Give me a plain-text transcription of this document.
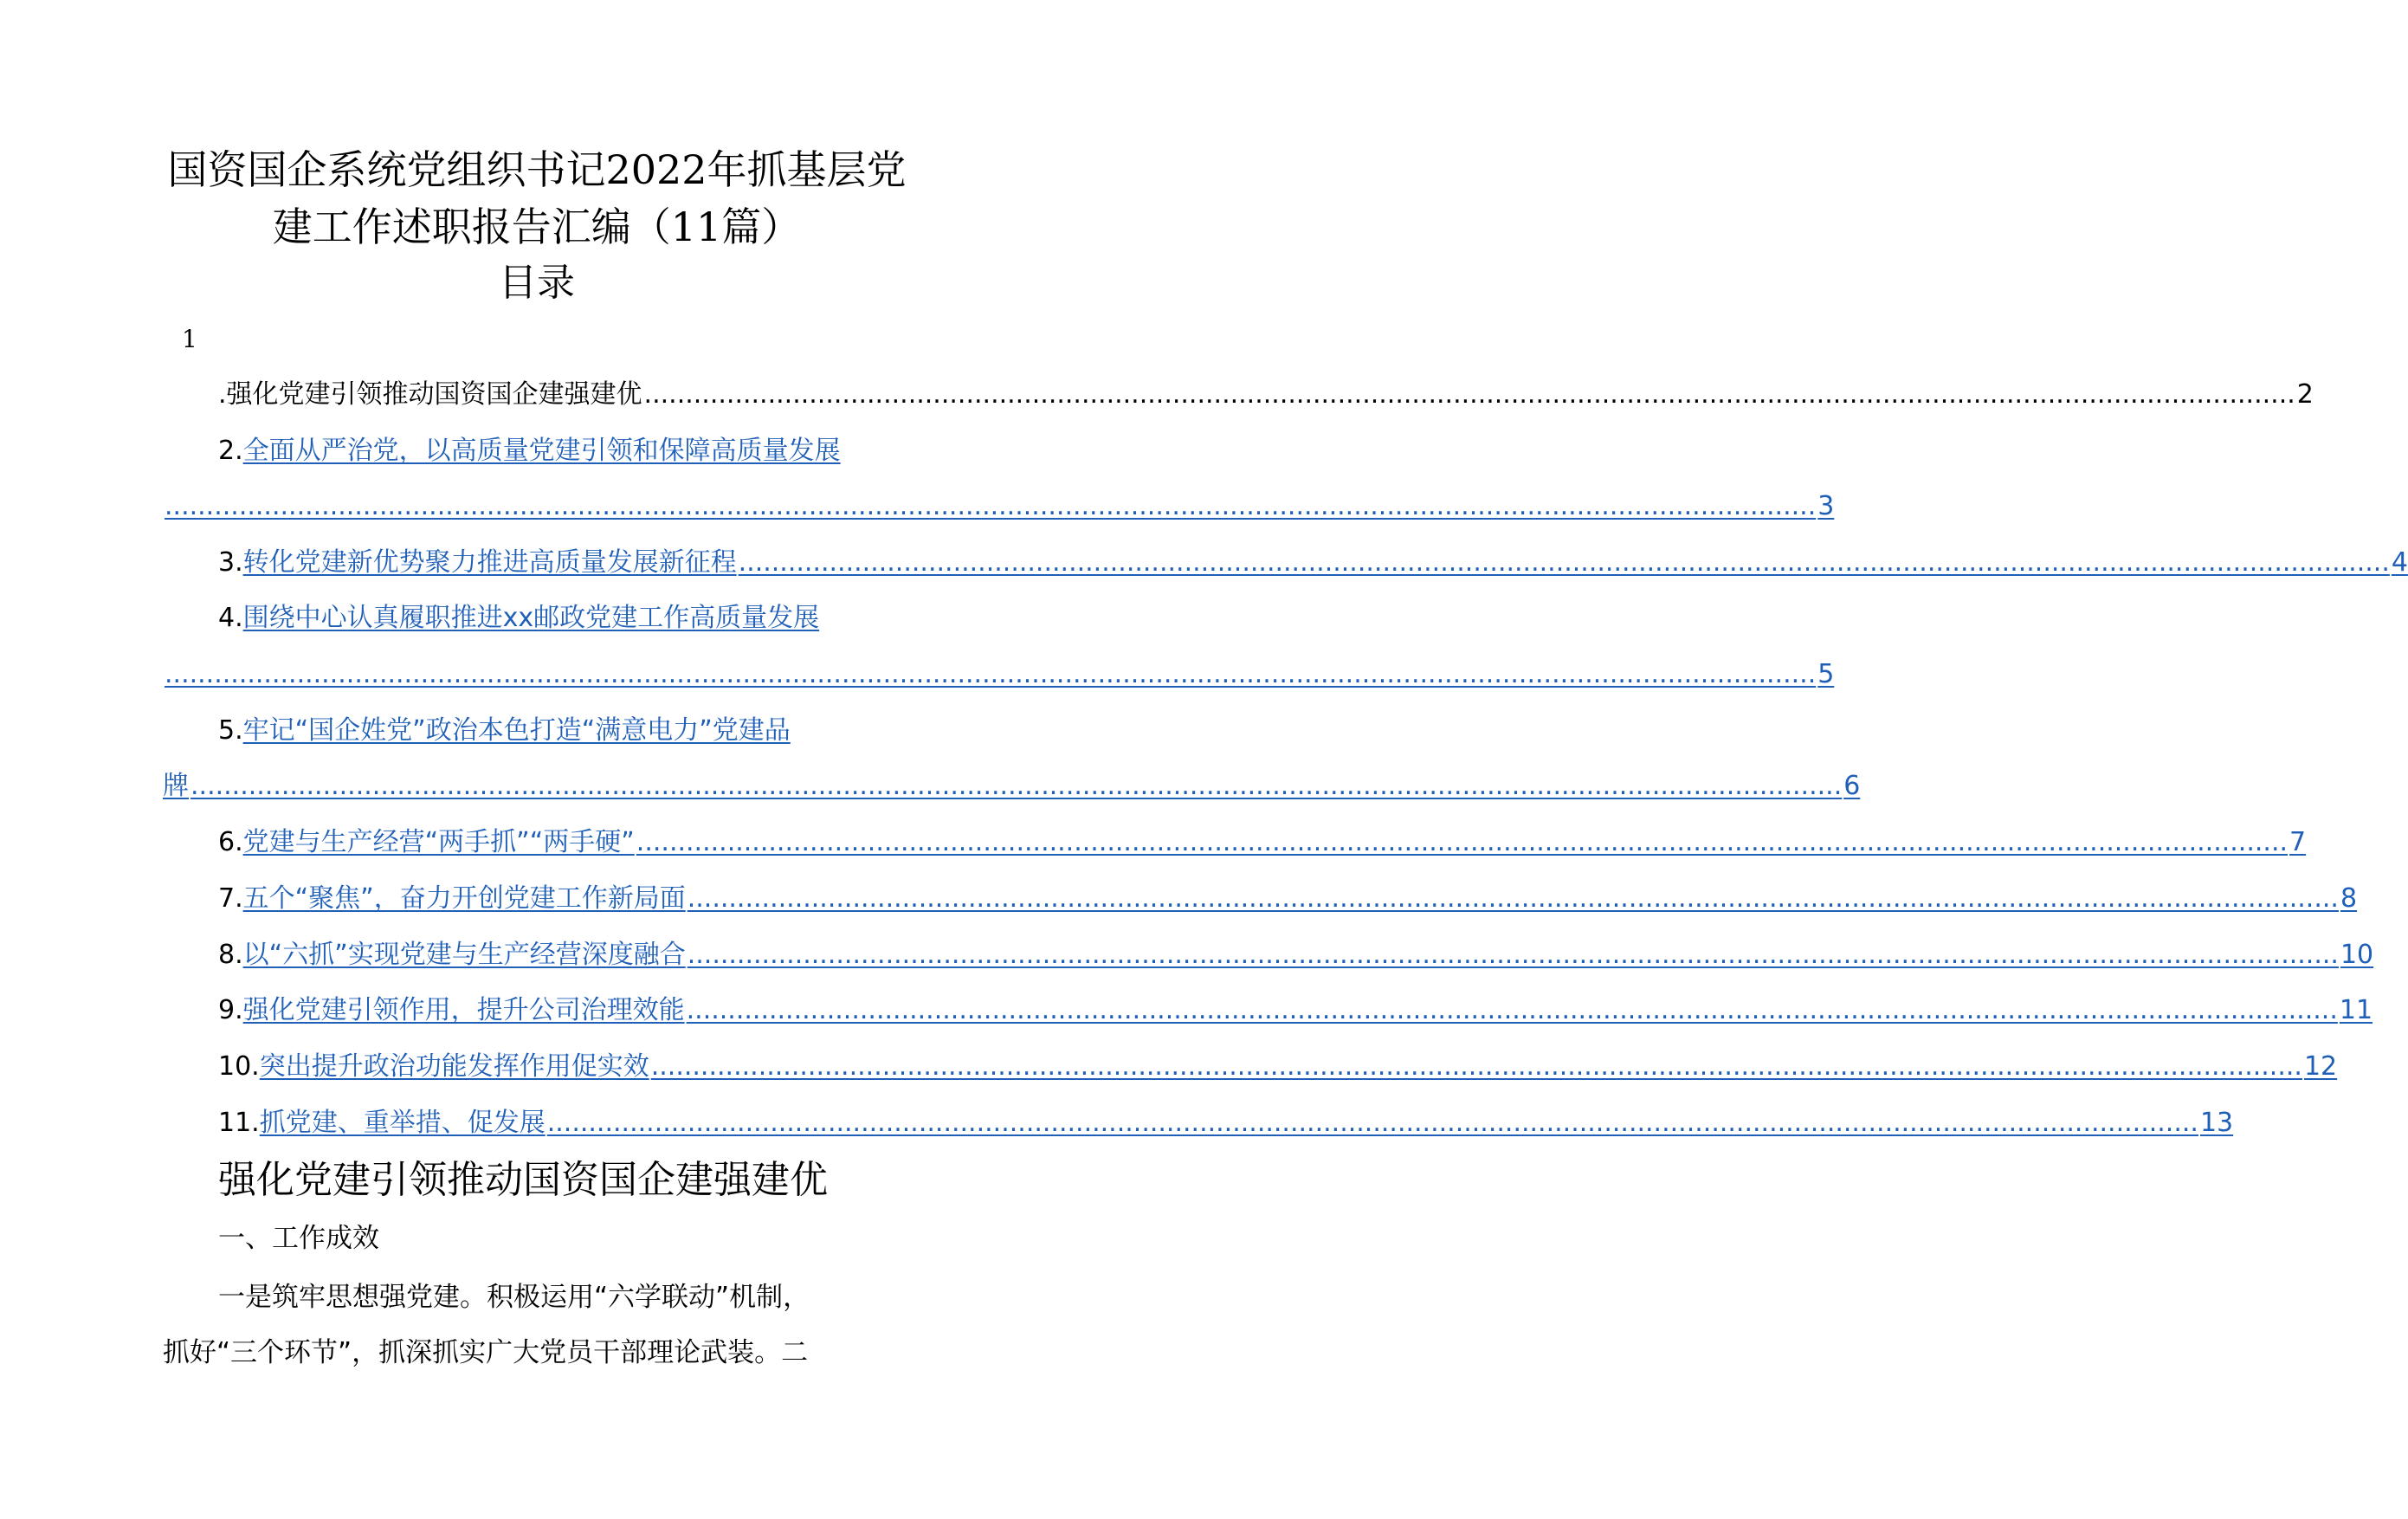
国资国企系统党组织书记2022年抓基层党
建工作述职报告汇编（11篇）
目录
1
.强化党建引领推动国资国企建强建优 ........................................................................................................................................................................................................ 2
2. 全面从严治党，以高质量党建引领和保障高质量发展
........................................................................................................................................................................................................ 3
3. 转化党建新优势聚力推进高质量发展新征程 ........................................................................................................................................................................................................ 4
4. 围绕中心认真履职推进xx邮政党建工作高质量发展
........................................................................................................................................................................................................ 5
5. 牢记“国企姓党”政治本色打造“满意电力”党建品
牌 ........................................................................................................................................................................................................ 6
6. 党建与生产经营“两手抓”“两手硬” ........................................................................................................................................................................................................ 7
7. 五个“聚焦”，奋力开创党建工作新局面 ........................................................................................................................................................................................................ 8
8. 以“六抓”实现党建与生产经营深度融合 ........................................................................................................................................................................................................ 10
9. 强化党建引领作用，提升公司治理效能 ........................................................................................................................................................................................................ 11
10. 突出提升政治功能发挥作用促实效 ........................................................................................................................................................................................................ 12
11. 抓党建、重举措、促发展 ........................................................................................................................................................................................................ 13
强化党建引领推动国资国企建强建优
一、工作成效
一是筑牢思想强党建。积极运用“六学联动”机制，
抓好“三个环节”，抓深抓实广大党员干部理论武装。二
